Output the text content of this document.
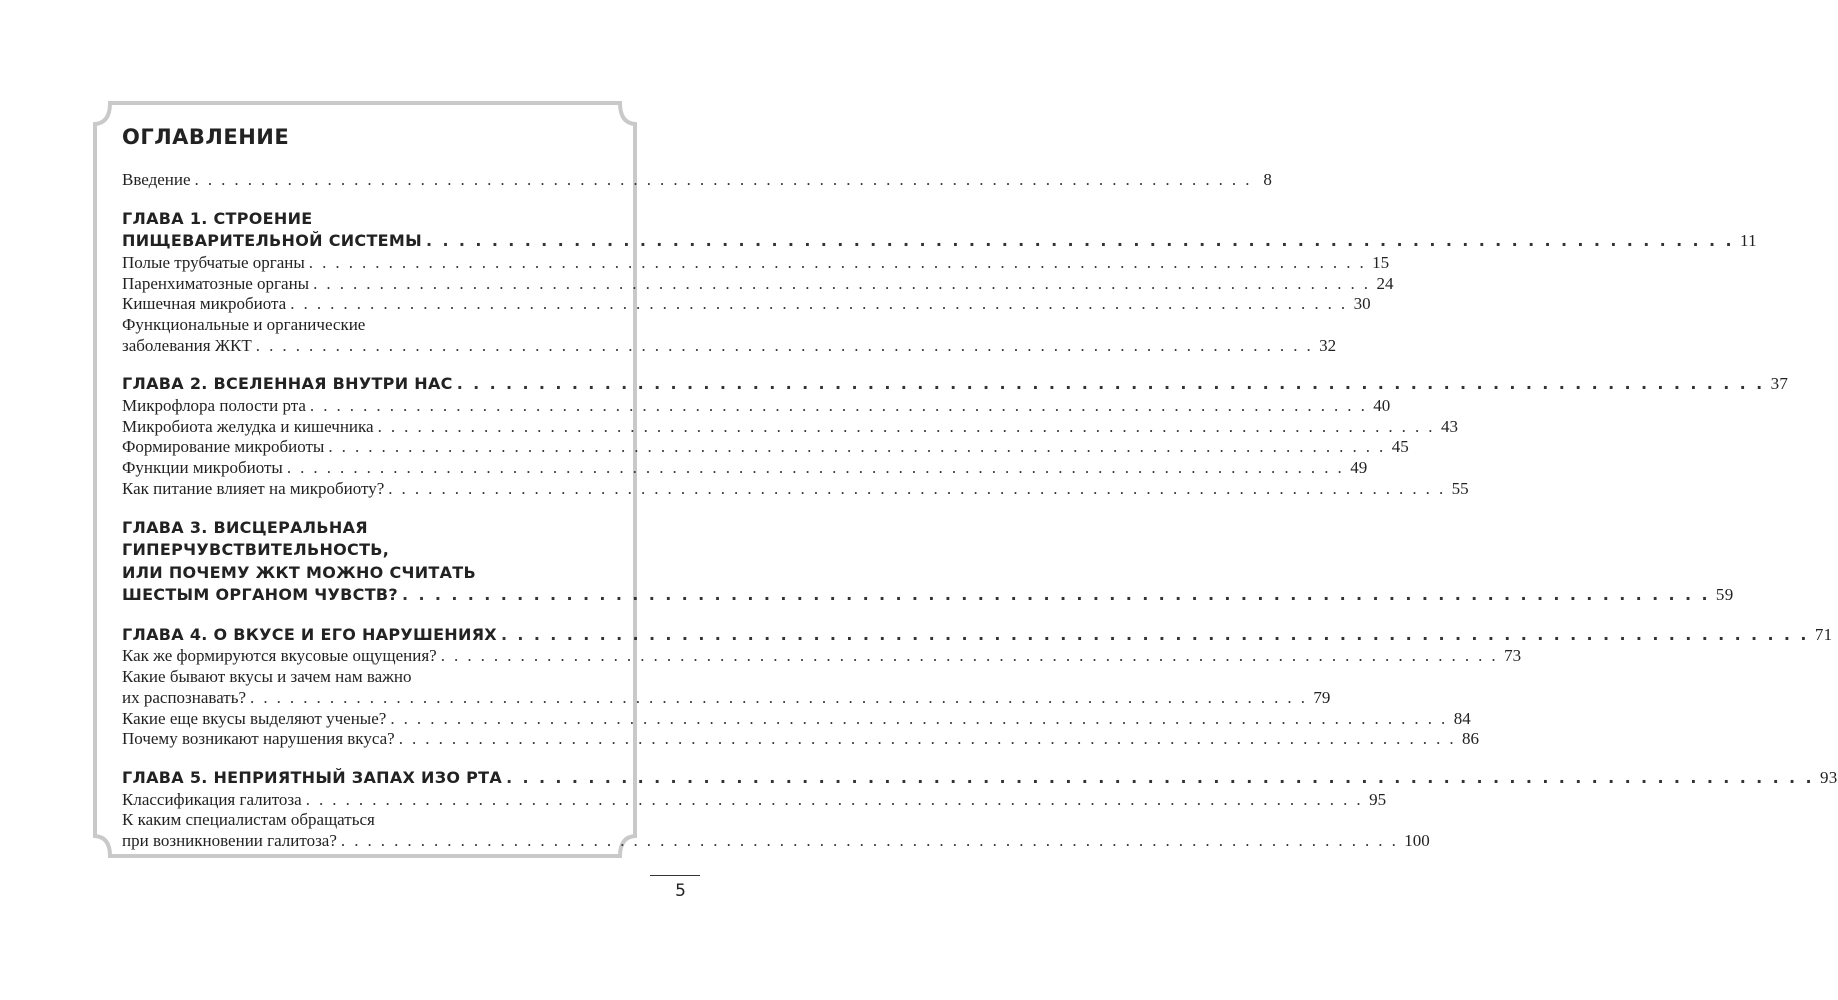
ОГЛАВЛЕНИЕ
Введение . . . . . . . . . . . . . . . . . . . . . . . . . . . . . . . . . . . . . . . . . . . . . . . . . . . . . . . . . . . . . . . . . . . . . . . . . . . . . . . . 8
ГЛАВА 1. СТРОЕНИЕ
ПИЩЕВАРИТЕЛЬНОЙ СИСТЕМЫ . . . . . . . . . . . . . . . . . . . . . . . . . . . . . . . . . . . . . . . . . . . . . . . . . . . . . . . . . . . . . . . . . . . . . . . . . . . . . . . . 11
Полые трубчатые органы . . . . . . . . . . . . . . . . . . . . . . . . . . . . . . . . . . . . . . . . . . . . . . . . . . . . . . . . . . . . . . . . . . . . . . . . . . . . . . . . 15
Паренхиматозные органы . . . . . . . . . . . . . . . . . . . . . . . . . . . . . . . . . . . . . . . . . . . . . . . . . . . . . . . . . . . . . . . . . . . . . . . . . . . . . . . . 24
Кишечная микробиота . . . . . . . . . . . . . . . . . . . . . . . . . . . . . . . . . . . . . . . . . . . . . . . . . . . . . . . . . . . . . . . . . . . . . . . . . . . . . . . . 30
Функциональные и органические
заболевания ЖКТ . . . . . . . . . . . . . . . . . . . . . . . . . . . . . . . . . . . . . . . . . . . . . . . . . . . . . . . . . . . . . . . . . . . . . . . . . . . . . . . . 32
ГЛАВА 2. ВСЕЛЕННАЯ ВНУТРИ НАС . . . . . . . . . . . . . . . . . . . . . . . . . . . . . . . . . . . . . . . . . . . . . . . . . . . . . . . . . . . . . . . . . . . . . . . . . . . . . . . . 37
Микрофлора полости рта . . . . . . . . . . . . . . . . . . . . . . . . . . . . . . . . . . . . . . . . . . . . . . . . . . . . . . . . . . . . . . . . . . . . . . . . . . . . . . . . 40
Микробиота желудка и кишечника . . . . . . . . . . . . . . . . . . . . . . . . . . . . . . . . . . . . . . . . . . . . . . . . . . . . . . . . . . . . . . . . . . . . . . . . . . . . . . . . 43
Формирование микробиоты . . . . . . . . . . . . . . . . . . . . . . . . . . . . . . . . . . . . . . . . . . . . . . . . . . . . . . . . . . . . . . . . . . . . . . . . . . . . . . . . 45
Функции микробиоты . . . . . . . . . . . . . . . . . . . . . . . . . . . . . . . . . . . . . . . . . . . . . . . . . . . . . . . . . . . . . . . . . . . . . . . . . . . . . . . . 49
Как питание влияет на микробиоту? . . . . . . . . . . . . . . . . . . . . . . . . . . . . . . . . . . . . . . . . . . . . . . . . . . . . . . . . . . . . . . . . . . . . . . . . . . . . . . . . 55
ГЛАВА 3. ВИСЦЕРАЛЬНАЯ
ГИПЕРЧУВСТВИТЕЛЬНОСТЬ,
ИЛИ ПОЧЕМУ ЖКТ МОЖНО СЧИТАТЬ
ШЕСТЫМ ОРГАНОМ ЧУВСТВ? . . . . . . . . . . . . . . . . . . . . . . . . . . . . . . . . . . . . . . . . . . . . . . . . . . . . . . . . . . . . . . . . . . . . . . . . . . . . . . . . 59
ГЛАВА 4. О ВКУСЕ И ЕГО НАРУШЕНИЯХ . . . . . . . . . . . . . . . . . . . . . . . . . . . . . . . . . . . . . . . . . . . . . . . . . . . . . . . . . . . . . . . . . . . . . . . . . . . . . . . . 71
Как же формируются вкусовые ощущения? . . . . . . . . . . . . . . . . . . . . . . . . . . . . . . . . . . . . . . . . . . . . . . . . . . . . . . . . . . . . . . . . . . . . . . . . . . . . . . . . 73
Какие бывают вкусы и зачем нам важно
их распознавать? . . . . . . . . . . . . . . . . . . . . . . . . . . . . . . . . . . . . . . . . . . . . . . . . . . . . . . . . . . . . . . . . . . . . . . . . . . . . . . . . 79
Какие еще вкусы выделяют ученые? . . . . . . . . . . . . . . . . . . . . . . . . . . . . . . . . . . . . . . . . . . . . . . . . . . . . . . . . . . . . . . . . . . . . . . . . . . . . . . . . 84
Почему возникают нарушения вкуса? . . . . . . . . . . . . . . . . . . . . . . . . . . . . . . . . . . . . . . . . . . . . . . . . . . . . . . . . . . . . . . . . . . . . . . . . . . . . . . . . 86
ГЛАВА 5. НЕПРИЯТНЫЙ ЗАПАХ ИЗО РТА . . . . . . . . . . . . . . . . . . . . . . . . . . . . . . . . . . . . . . . . . . . . . . . . . . . . . . . . . . . . . . . . . . . . . . . . . . . . . . . . 93
Классификация галитоза . . . . . . . . . . . . . . . . . . . . . . . . . . . . . . . . . . . . . . . . . . . . . . . . . . . . . . . . . . . . . . . . . . . . . . . . . . . . . . . . 95
К каким специалистам обращаться
при возникновении галитоза? . . . . . . . . . . . . . . . . . . . . . . . . . . . . . . . . . . . . . . . . . . . . . . . . . . . . . . . . . . . . . . . . . . . . . . . . . . . . . . . . 100
5
